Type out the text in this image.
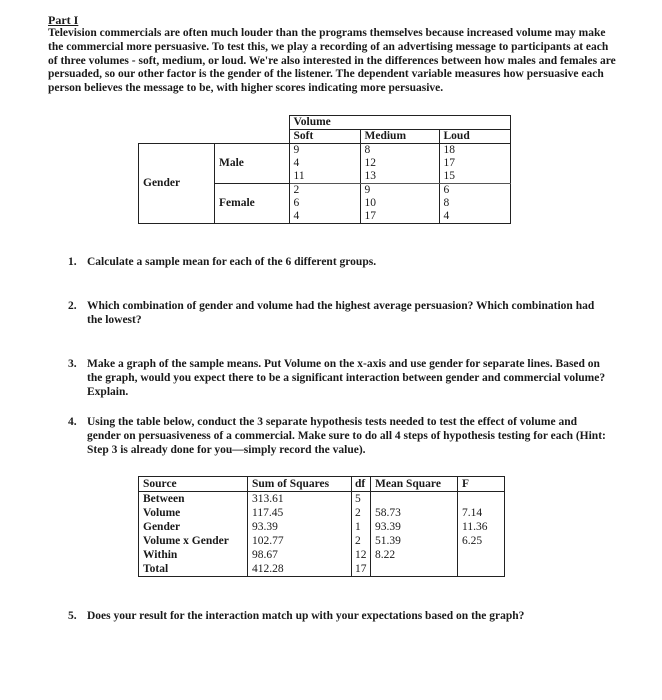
Part I

Television commercials are often much louder than the programs themselves because increased volume may make the commercial more persuasive. To test this, we play a recording of an advertising message to participants at each of three volumes - soft, medium, or loud. We're also interested in the differences between how males and females are persuaded, so our other factor is the gender of the listener. The dependent variable measures how persuasive each person believes the message to be, with higher scores indicating more persuasive.

		Volume		
		Soft	Medium	Loud
Gender	Male	9	8	18
		4	12	17
		11	13	15
	Female	2	9	6
		6	10	8
		4	17	4
1. Calculate a sample mean for each of the 6 different groups.
2. Which combination of gender and volume had the highest average persuasion? Which combination had the lowest?
3. Make a graph of the sample means. Put Volume on the x-axis and use gender for separate lines. Based on the graph, would you expect there to be a significant interaction between gender and commercial volume? Explain.
4. Using the table below, conduct the 3 separate hypothesis tests needed to test the effect of volume and gender on persuasiveness of a commercial. Make sure to do all 4 steps of hypothesis testing for each (Hint: Step 3 is already done for you—simply record the value).
Source	Sum of Squares	df	Mean Square	F
Between	313.61	5		
Volume	117.45	2	58.73	7.14
Gender	93.39	1	93.39	11.36
Volume x Gender	102.77	2	51.39	6.25
Within	98.67	12	8.22	
Total	412.28	17		
5. Does your result for the interaction match up with your expectations based on the graph?
